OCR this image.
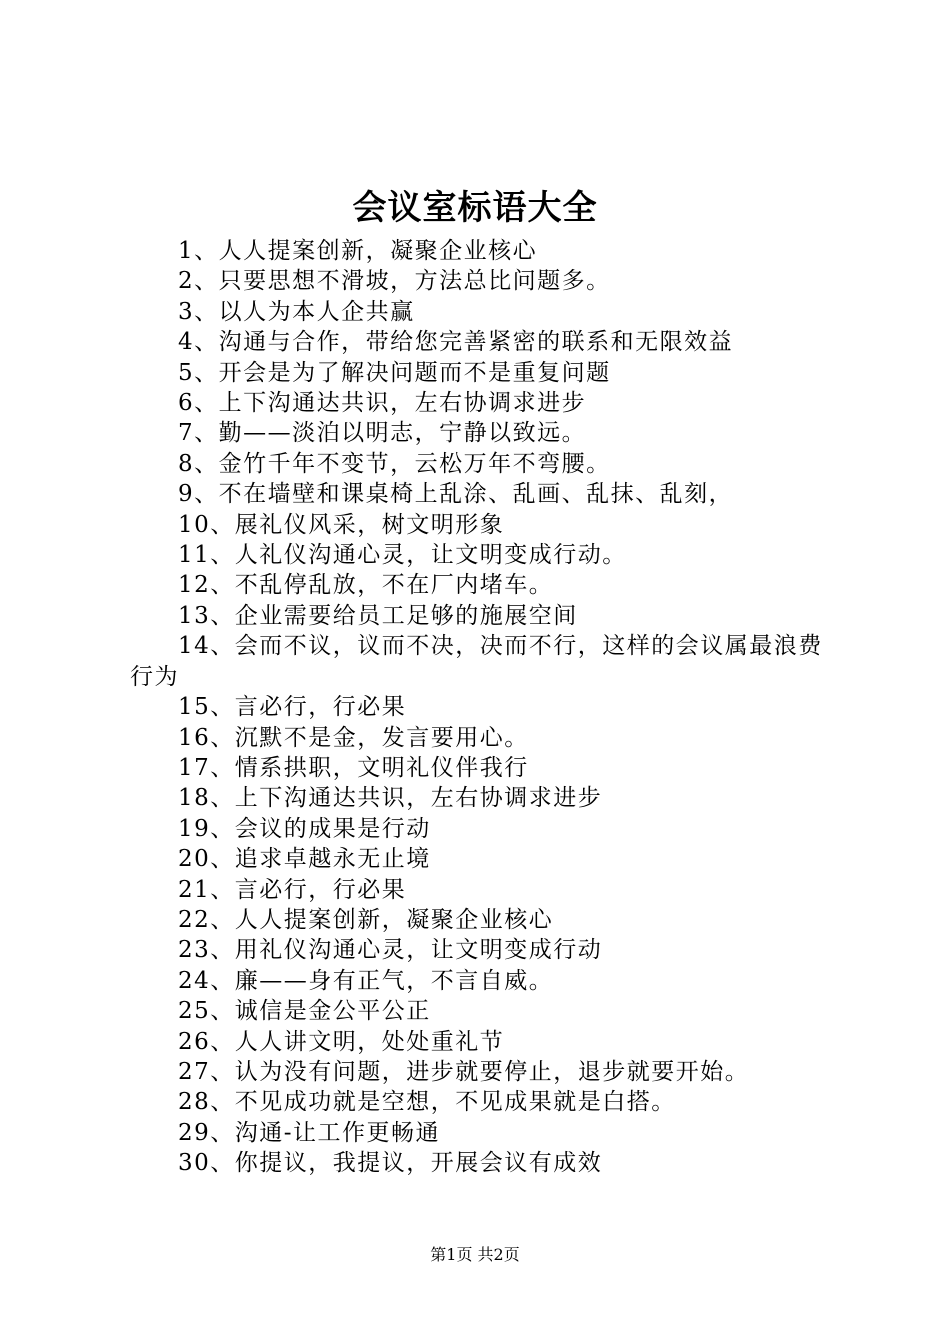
会议室标语大全

1、人人提案创新，凝聚企业核心

2、只要思想不滑坡，方法总比问题多。

3、以人为本人企共赢

4、沟通与合作，带给您完善紧密的联系和无限效益

5、开会是为了解决问题而不是重复问题

6、上下沟通达共识，左右协调求进步

7、勤——淡泊以明志，宁静以致远。

8、金竹千年不变节，云松万年不弯腰。

9、不在墙壁和课桌椅上乱涂、乱画、乱抹、乱刻，

10、展礼仪风采，树文明形象

11、人礼仪沟通心灵，让文明变成行动。

12、不乱停乱放，不在厂内堵车。

13、企业需要给员工足够的施展空间

14、会而不议，议而不决，决而不行，这样的会议属最浪费行为

15、言必行，行必果

16、沉默不是金，发言要用心。

17、情系拱职，文明礼仪伴我行

18、上下沟通达共识，左右协调求进步

19、会议的成果是行动

20、追求卓越永无止境

21、言必行，行必果

22、人人提案创新，凝聚企业核心

23、用礼仪沟通心灵，让文明变成行动

24、廉——身有正气，不言自威。

25、诚信是金公平公正

26、人人讲文明，处处重礼节

27、认为没有问题，进步就要停止，退步就要开始。

28、不见成功就是空想，不见成果就是白搭。

29、沟通-让工作更畅通

30、你提议，我提议，开展会议有成效

第1页 共2页
